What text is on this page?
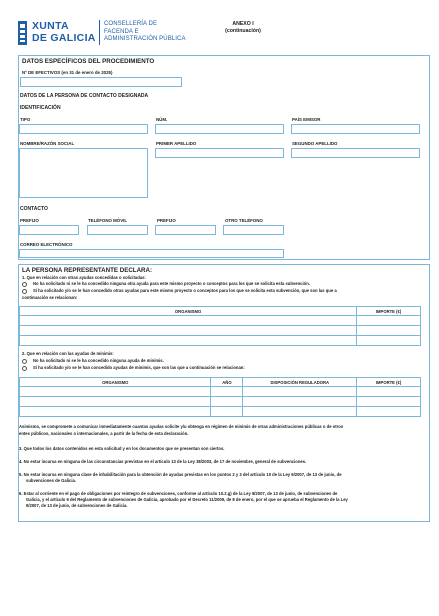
XUNTA
DE GALICIA
CONSELLERÍA DE
FACENDA E
ADMINISTRACIÓN PÚBLICA
ANEXO I
(continuación)
DATOS ESPECÍFICOS DEL PROCEDIMIENTO
Nº DE EFECTIVOS (en 31 de enero de 2025)
DATOS DE LA PERSONA DE CONTACTO DESIGNADA
IDENTIFICACIÓN
TIPO	NÚM.	PAÍS EMISOR
NOMBRE/RAZÓN SOCIAL	PRIMER APELLIDO	SEGUNDO APELLIDO
CONTACTO
PREFIJO	TELÉFONO MÓVIL	PREFIJO	OTRO TELÉFONO
CORREO ELECTRÓNICO
LA PERSONA REPRESENTANTE DECLARA:
1. Que en relación con otras ayudas concedidas o solicitadas:
No ha solicitado ni se le ha concedido ninguna otra ayuda para este mismo proyecto o conceptos para los que se solicita esta subvención.
Sí ha solicitado y/o se le han concedido otras ayudas para este mismo proyecto o conceptos para los que se solicita esta subvención, que son las que a
continuación se relacionan:
ORGANISMO	IMPORTE (€)

2. Que en relación con las ayudas de minimis:
No ha solicitado ni se le ha concedido ninguna ayuda de minimis.
Sí ha solicitado y/o se le han concedido ayudas de minimis, que son las que a continuación se relacionan:
ORGANISMO	AÑO	DISPOSICIÓN REGULADORA	IMPORTE (€)

Asimismo, se compromete a comunicar inmediatamente cuantas ayudas solicite y/u obtenga en régimen de minimis de otras administraciones públicas o de otros
entes públicos, nacionales o internacionales, a partir de la fecha de esta declaración.
3. Que todos los datos contenidos en esta solicitud y en los documentos que se presentan son ciertos.
4. No estar incursa en ninguna de las circunstancias previstas en el artículo 13 de la Ley 38/2003, de 17 de noviembre, general de subvenciones.
5. No estar incursa en ninguna clase de inhabilitación para la obtención de ayudas previstas en los puntos 2 y 3 del artículo 10 de la Ley 9/2007, de 13 de junio, de
subvenciones de Galicia.
6. Estar al corriente en el pago de obligaciones por reintegro de subvenciones, conforme al artículo 10.2.g) de la Ley 9/2007, de 13 de junio, de subvenciones de
Galicia, y el artículo 9 del Reglamento de subvenciones de Galicia, aprobado por el Decreto 11/2009, de 8 de enero, por el que se aprueba el Reglamento de la Ley
9/2007, de 13 de junio, de subvenciones de Galicia.
